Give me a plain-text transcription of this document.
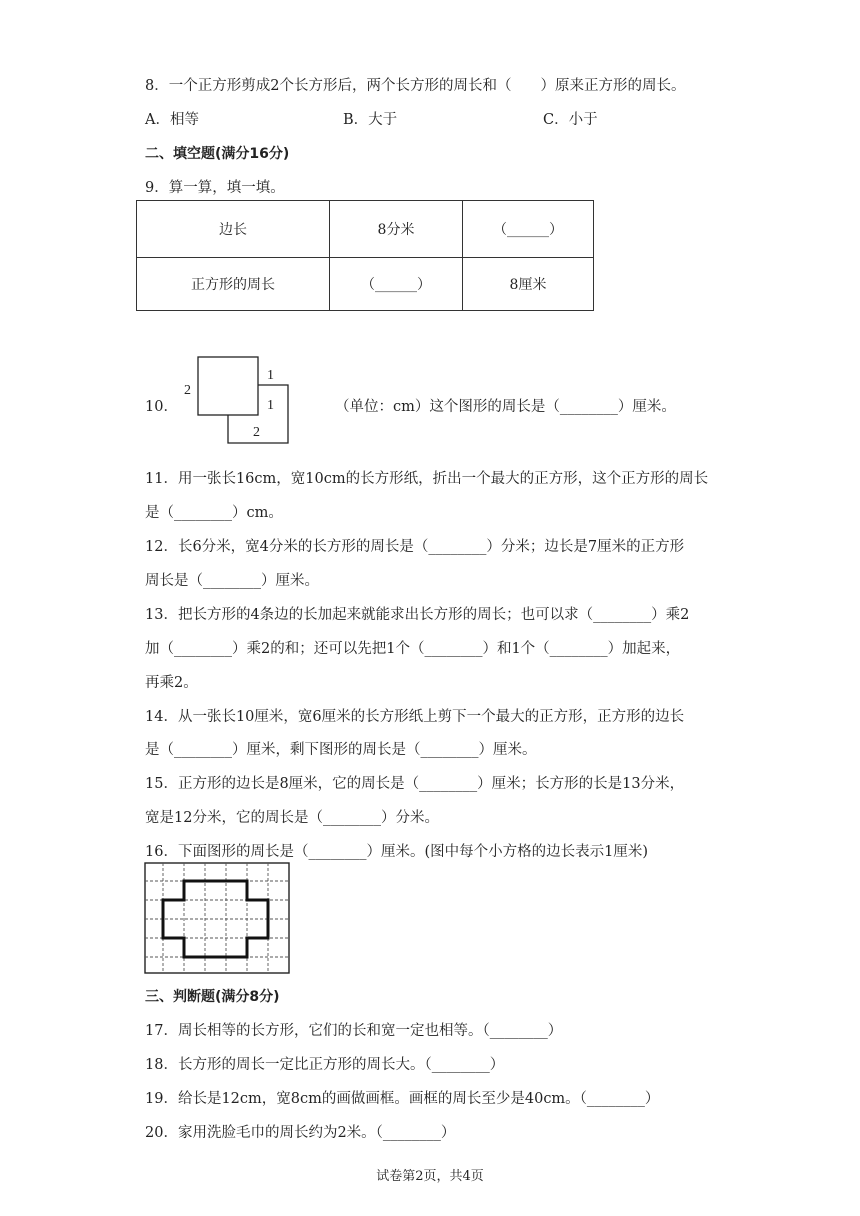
8．一个正方形剪成2个长方形后，两个长方形的周长和（　　）原来正方形的周长。
A．相等	B．大于	C．小于
二、填空题(满分16分)
9．算一算，填一填。
边长	8分米	（______）
正方形的周长	（______）	8厘米
10．
2
1
1
2
（单位：cm）这个图形的周长是（________）厘米。
11．用一张长16cm，宽10cm的长方形纸，折出一个最大的正方形，这个正方形的周长
是（________）cm。
12．长6分米，宽4分米的长方形的周长是（________）分米；边长是7厘米的正方形
周长是（________）厘米。
13．把长方形的4条边的长加起来就能求出长方形的周长；也可以求（________）乘2
加（________）乘2的和；还可以先把1个（________）和1个（________）加起来，
再乘2。
14．从一张长10厘米，宽6厘米的长方形纸上剪下一个最大的正方形，正方形的边长
是（________）厘米，剩下图形的周长是（________）厘米。
15．正方形的边长是8厘米，它的周长是（________）厘米；长方形的长是13分米，
宽是12分米，它的周长是（________）分米。
16．下面图形的周长是（________）厘米。(图中每个小方格的边长表示1厘米)
三、判断题(满分8分)
17．周长相等的长方形，它们的长和宽一定也相等。（________）
18．长方形的周长一定比正方形的周长大。（________）
19．给长是12cm，宽8cm的画做画框。画框的周长至少是40cm。（________）
20．家用洗脸毛巾的周长约为2米。（________）
试卷第2页，共4页
